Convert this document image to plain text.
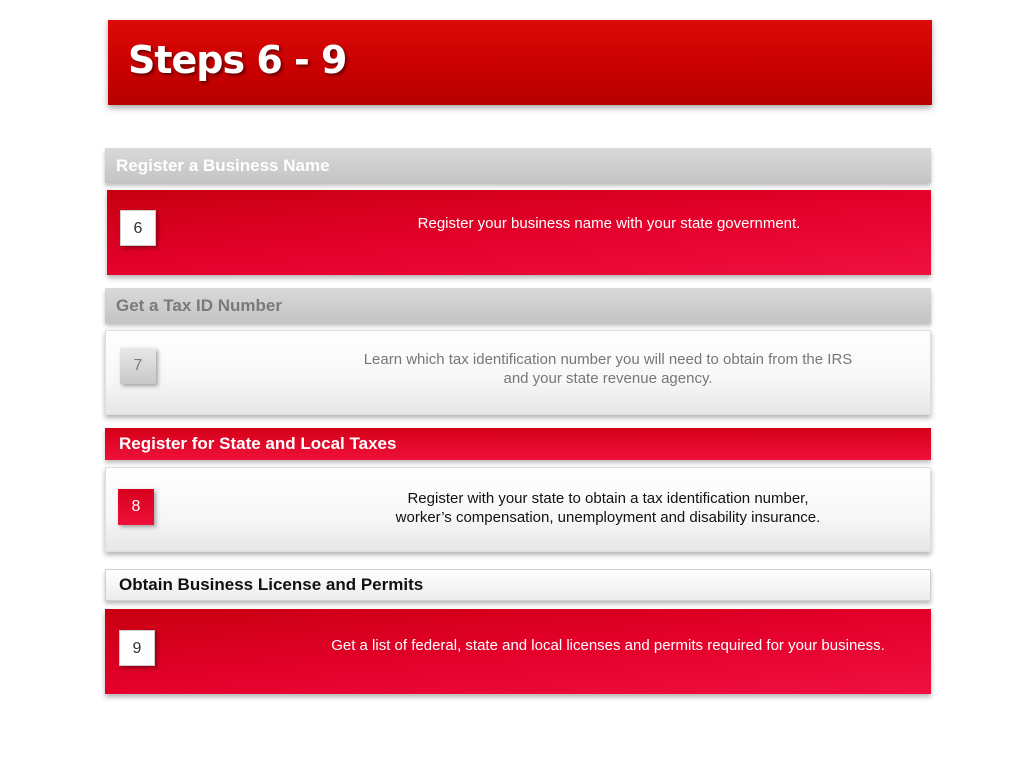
Steps 6 - 9
Register a Business Name
6	Register your business name with your state government.
Get a Tax ID Number
7	Learn which tax identification number you will need to obtain from the IRS
and your state revenue agency.
Register for State and Local Taxes
8	Register with your state to obtain a tax identification number,
worker’s compensation, unemployment and disability insurance.
Obtain Business License and Permits
9	Get a list of federal, state and local licenses and permits required for your business.
